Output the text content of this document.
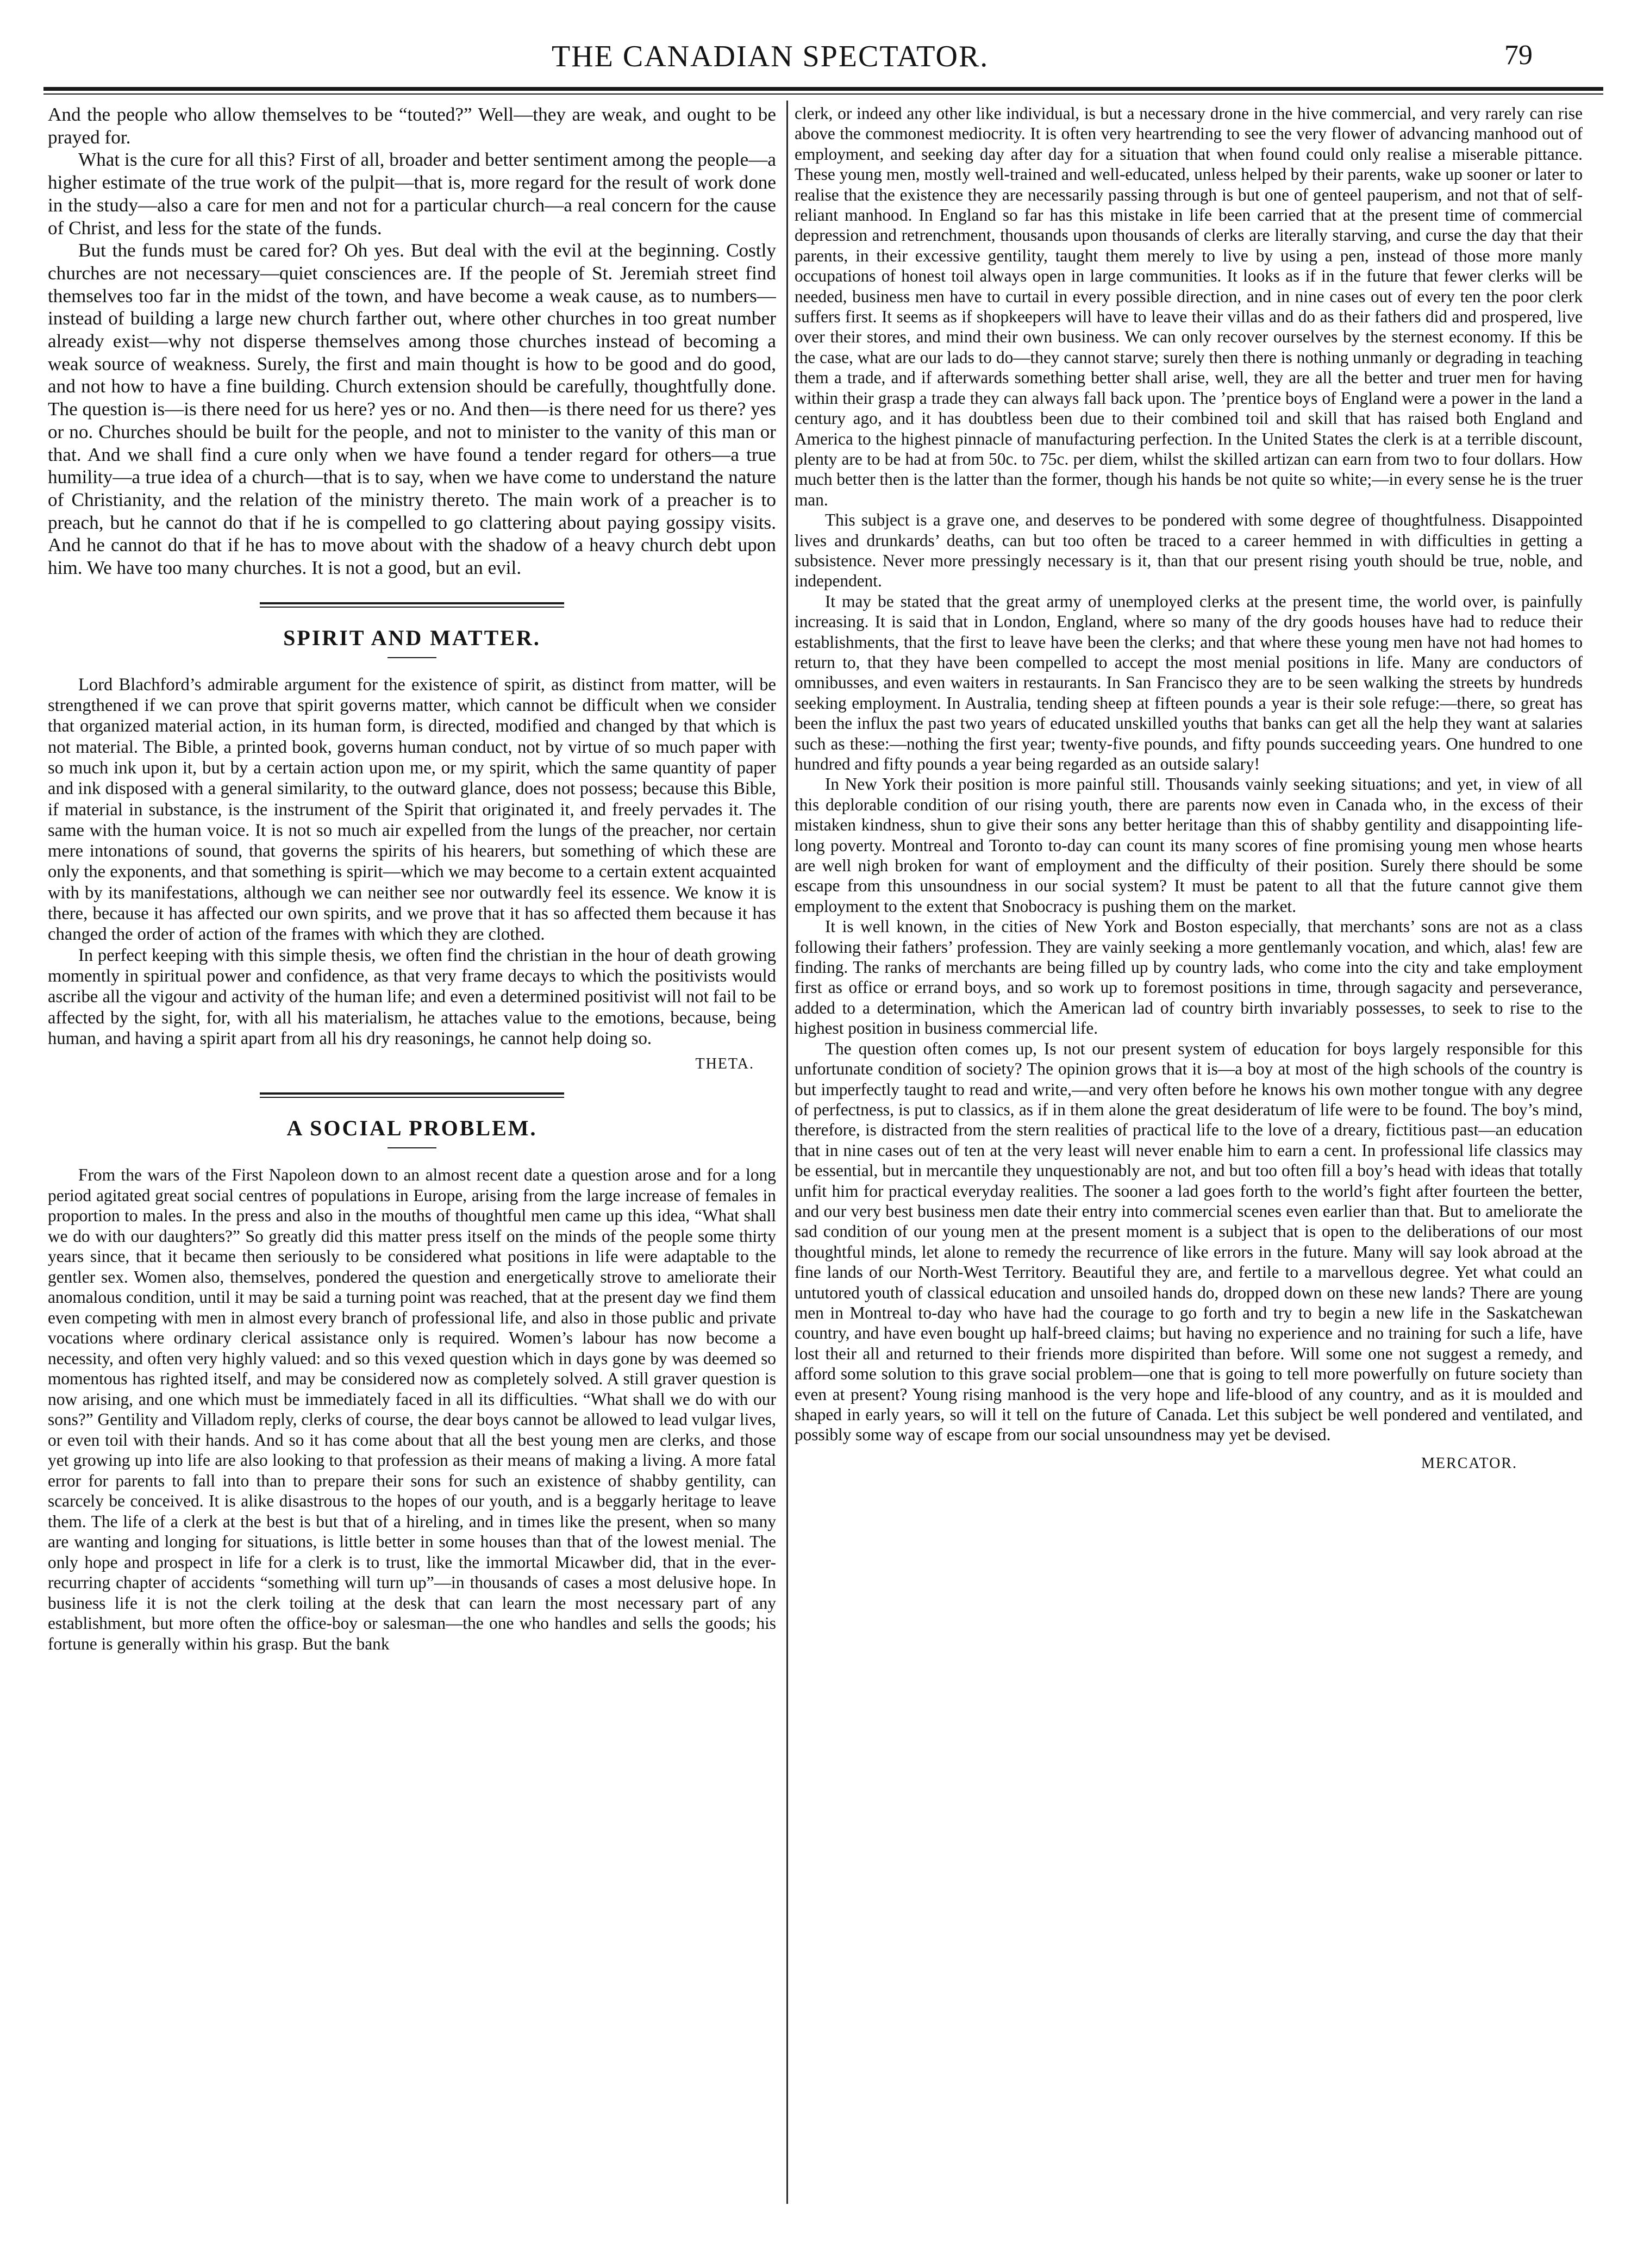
THE CANADIAN SPECTATOR.	79

And the people who allow themselves to be “touted?” Well—they are weak, and ought to be prayed for.

What is the cure for all this? First of all, broader and better sentiment among the people—a higher estimate of the true work of the pulpit—that is, more regard for the result of work done in the study—also a care for men and not for a particular church—a real concern for the cause of Christ, and less for the state of the funds.

But the funds must be cared for? Oh yes. But deal with the evil at the beginning. Costly churches are not necessary—quiet consciences are. If the people of St. Jeremiah street find themselves too far in the midst of the town, and have become a weak cause, as to numbers—instead of building a large new church farther out, where other churches in too great number already exist—why not disperse themselves among those churches instead of becoming a weak source of weakness. Surely, the first and main thought is how to be good and do good, and not how to have a fine building. Church extension should be carefully, thoughtfully done. The question is—is there need for us here? yes or no. And then—is there need for us there? yes or no. Churches should be built for the people, and not to minister to the vanity of this man or that. And we shall find a cure only when we have found a tender regard for others—a true humility—a true idea of a church—that is to say, when we have come to understand the nature of Christianity, and the relation of the ministry thereto. The main work of a preacher is to preach, but he cannot do that if he is compelled to go clattering about paying gossipy visits. And he cannot do that if he has to move about with the shadow of a heavy church debt upon him. We have too many churches. It is not a good, but an evil.

SPIRIT AND MATTER.

Lord Blachford’s admirable argument for the existence of spirit, as distinct from matter, will be strengthened if we can prove that spirit governs matter, which cannot be difficult when we consider that organized material action, in its human form, is directed, modified and changed by that which is not material. The Bible, a printed book, governs human conduct, not by virtue of so much paper with so much ink upon it, but by a certain action upon me, or my spirit, which the same quantity of paper and ink disposed with a general similarity, to the outward glance, does not possess; because this Bible, if material in substance, is the instrument of the Spirit that originated it, and freely pervades it. The same with the human voice. It is not so much air expelled from the lungs of the preacher, nor certain mere intonations of sound, that governs the spirits of his hearers, but something of which these are only the exponents, and that something is spirit—which we may become to a certain extent acquainted with by its manifestations, although we can neither see nor outwardly feel its essence. We know it is there, because it has affected our own spirits, and we prove that it has so affected them because it has changed the order of action of the frames with which they are clothed.

In perfect keeping with this simple thesis, we often find the christian in the hour of death growing momently in spiritual power and confidence, as that very frame decays to which the positivists would ascribe all the vigour and activity of the human life; and even a determined positivist will not fail to be affected by the sight, for, with all his materialism, he attaches value to the emotions, because, being human, and having a spirit apart from all his dry reasonings, he cannot help doing so.

THETA.
A SOCIAL PROBLEM.

From the wars of the First Napoleon down to an almost recent date a question arose and for a long period agitated great social centres of populations in Europe, arising from the large increase of females in proportion to males. In the press and also in the mouths of thoughtful men came up this idea, “What shall we do with our daughters?” So greatly did this matter press itself on the minds of the people some thirty years since, that it became then seriously to be considered what positions in life were adaptable to the gentler sex. Women also, themselves, pondered the question and energetically strove to ameliorate their anomalous condition, until it may be said a turning point was reached, that at the present day we find them even competing with men in almost every branch of professional life, and also in those public and private vocations where ordinary clerical assistance only is required. Women’s labour has now become a necessity, and often very highly valued: and so this vexed question which in days gone by was deemed so momentous has righted itself, and may be considered now as completely solved. A still graver question is now arising, and one which must be immediately faced in all its difficulties. “What shall we do with our sons?” Gentility and Villadom reply, clerks of course, the dear boys cannot be allowed to lead vulgar lives, or even toil with their hands. And so it has come about that all the best young men are clerks, and those yet growing up into life are also looking to that profession as their means of making a living. A more fatal error for parents to fall into than to prepare their sons for such an existence of shabby gentility, can scarcely be conceived. It is alike disastrous to the hopes of our youth, and is a beggarly heritage to leave them. The life of a clerk at the best is but that of a hireling, and in times like the present, when so many are wanting and longing for situations, is little better in some houses than that of the lowest menial. The only hope and prospect in life for a clerk is to trust, like the immortal Micawber did, that in the ever-recurring chapter of accidents “something will turn up”—in thousands of cases a most delusive hope. In business life it is not the clerk toiling at the desk that can learn the most necessary part of any establishment, but more often the office-boy or salesman—the one who handles and sells the goods; his fortune is generally within his grasp. But the bank

clerk, or indeed any other like individual, is but a necessary drone in the hive commercial, and very rarely can rise above the commonest mediocrity. It is often very heartrending to see the very flower of advancing manhood out of employment, and seeking day after day for a situation that when found could only realise a miserable pittance. These young men, mostly well-trained and well-educated, unless helped by their parents, wake up sooner or later to realise that the existence they are necessarily passing through is but one of genteel pauperism, and not that of self-reliant manhood. In England so far has this mistake in life been carried that at the present time of commercial depression and retrenchment, thousands upon thousands of clerks are literally starving, and curse the day that their parents, in their excessive gentility, taught them merely to live by using a pen, instead of those more manly occupations of honest toil always open in large communities. It looks as if in the future that fewer clerks will be needed, business men have to curtail in every possible direction, and in nine cases out of every ten the poor clerk suffers first. It seems as if shopkeepers will have to leave their villas and do as their fathers did and prospered, live over their stores, and mind their own business. We can only recover ourselves by the sternest economy. If this be the case, what are our lads to do—they cannot starve; surely then there is nothing unmanly or degrading in teaching them a trade, and if afterwards something better shall arise, well, they are all the better and truer men for having within their grasp a trade they can always fall back upon. The ’prentice boys of England were a power in the land a century ago, and it has doubtless been due to their combined toil and skill that has raised both England and America to the highest pinnacle of manufacturing perfection. In the United States the clerk is at a terrible discount, plenty are to be had at from 50c. to 75c. per diem, whilst the skilled artizan can earn from two to four dollars. How much better then is the latter than the former, though his hands be not quite so white;—in every sense he is the truer man.

This subject is a grave one, and deserves to be pondered with some degree of thoughtfulness. Disappointed lives and drunkards’ deaths, can but too often be traced to a career hemmed in with difficulties in getting a subsistence. Never more pressingly necessary is it, than that our present rising youth should be true, noble, and independent.

It may be stated that the great army of unemployed clerks at the present time, the world over, is painfully increasing. It is said that in London, England, where so many of the dry goods houses have had to reduce their establishments, that the first to leave have been the clerks; and that where these young men have not had homes to return to, that they have been compelled to accept the most menial positions in life. Many are conductors of omnibusses, and even waiters in restaurants. In San Francisco they are to be seen walking the streets by hundreds seeking employment. In Australia, tending sheep at fifteen pounds a year is their sole refuge:—there, so great has been the influx the past two years of educated unskilled youths that banks can get all the help they want at salaries such as these:—nothing the first year; twenty-five pounds, and fifty pounds succeeding years. One hundred to one hundred and fifty pounds a year being regarded as an outside salary!

In New York their position is more painful still. Thousands vainly seeking situations; and yet, in view of all this deplorable condition of our rising youth, there are parents now even in Canada who, in the excess of their mistaken kindness, shun to give their sons any better heritage than this of shabby gentility and disappointing life-long poverty. Montreal and Toronto to-day can count its many scores of fine promising young men whose hearts are well nigh broken for want of employment and the difficulty of their position. Surely there should be some escape from this unsoundness in our social system? It must be patent to all that the future cannot give them employment to the extent that Snobocracy is pushing them on the market.

It is well known, in the cities of New York and Boston especially, that merchants’ sons are not as a class following their fathers’ profession. They are vainly seeking a more gentlemanly vocation, and which, alas! few are finding. The ranks of merchants are being filled up by country lads, who come into the city and take employment first as office or errand boys, and so work up to foremost positions in time, through sagacity and perseverance, added to a determination, which the American lad of country birth invariably possesses, to seek to rise to the highest position in business commercial life.

The question often comes up, Is not our present system of education for boys largely responsible for this unfortunate condition of society? The opinion grows that it is—a boy at most of the high schools of the country is but imperfectly taught to read and write,—and very often before he knows his own mother tongue with any degree of perfectness, is put to classics, as if in them alone the great desideratum of life were to be found. The boy’s mind, therefore, is distracted from the stern realities of practical life to the love of a dreary, fictitious past—an education that in nine cases out of ten at the very least will never enable him to earn a cent. In professional life classics may be essential, but in mercantile they unquestionably are not, and but too often fill a boy’s head with ideas that totally unfit him for practical everyday realities. The sooner a lad goes forth to the world’s fight after fourteen the better, and our very best business men date their entry into commercial scenes even earlier than that. But to ameliorate the sad condition of our young men at the present moment is a subject that is open to the deliberations of our most thoughtful minds, let alone to remedy the recurrence of like errors in the future. Many will say look abroad at the fine lands of our North-West Territory. Beautiful they are, and fertile to a marvellous degree. Yet what could an untutored youth of classical education and unsoiled hands do, dropped down on these new lands? There are young men in Montreal to-day who have had the courage to go forth and try to begin a new life in the Saskatchewan country, and have even bought up half-breed claims; but having no experience and no training for such a life, have lost their all and returned to their friends more dispirited than before. Will some one not suggest a remedy, and afford some solution to this grave social problem—one that is going to tell more powerfully on future society than even at present? Young rising manhood is the very hope and life-blood of any country, and as it is moulded and shaped in early years, so will it tell on the future of Canada. Let this subject be well pondered and ventilated, and possibly some way of escape from our social unsoundness may yet be devised.

MERCATOR.
